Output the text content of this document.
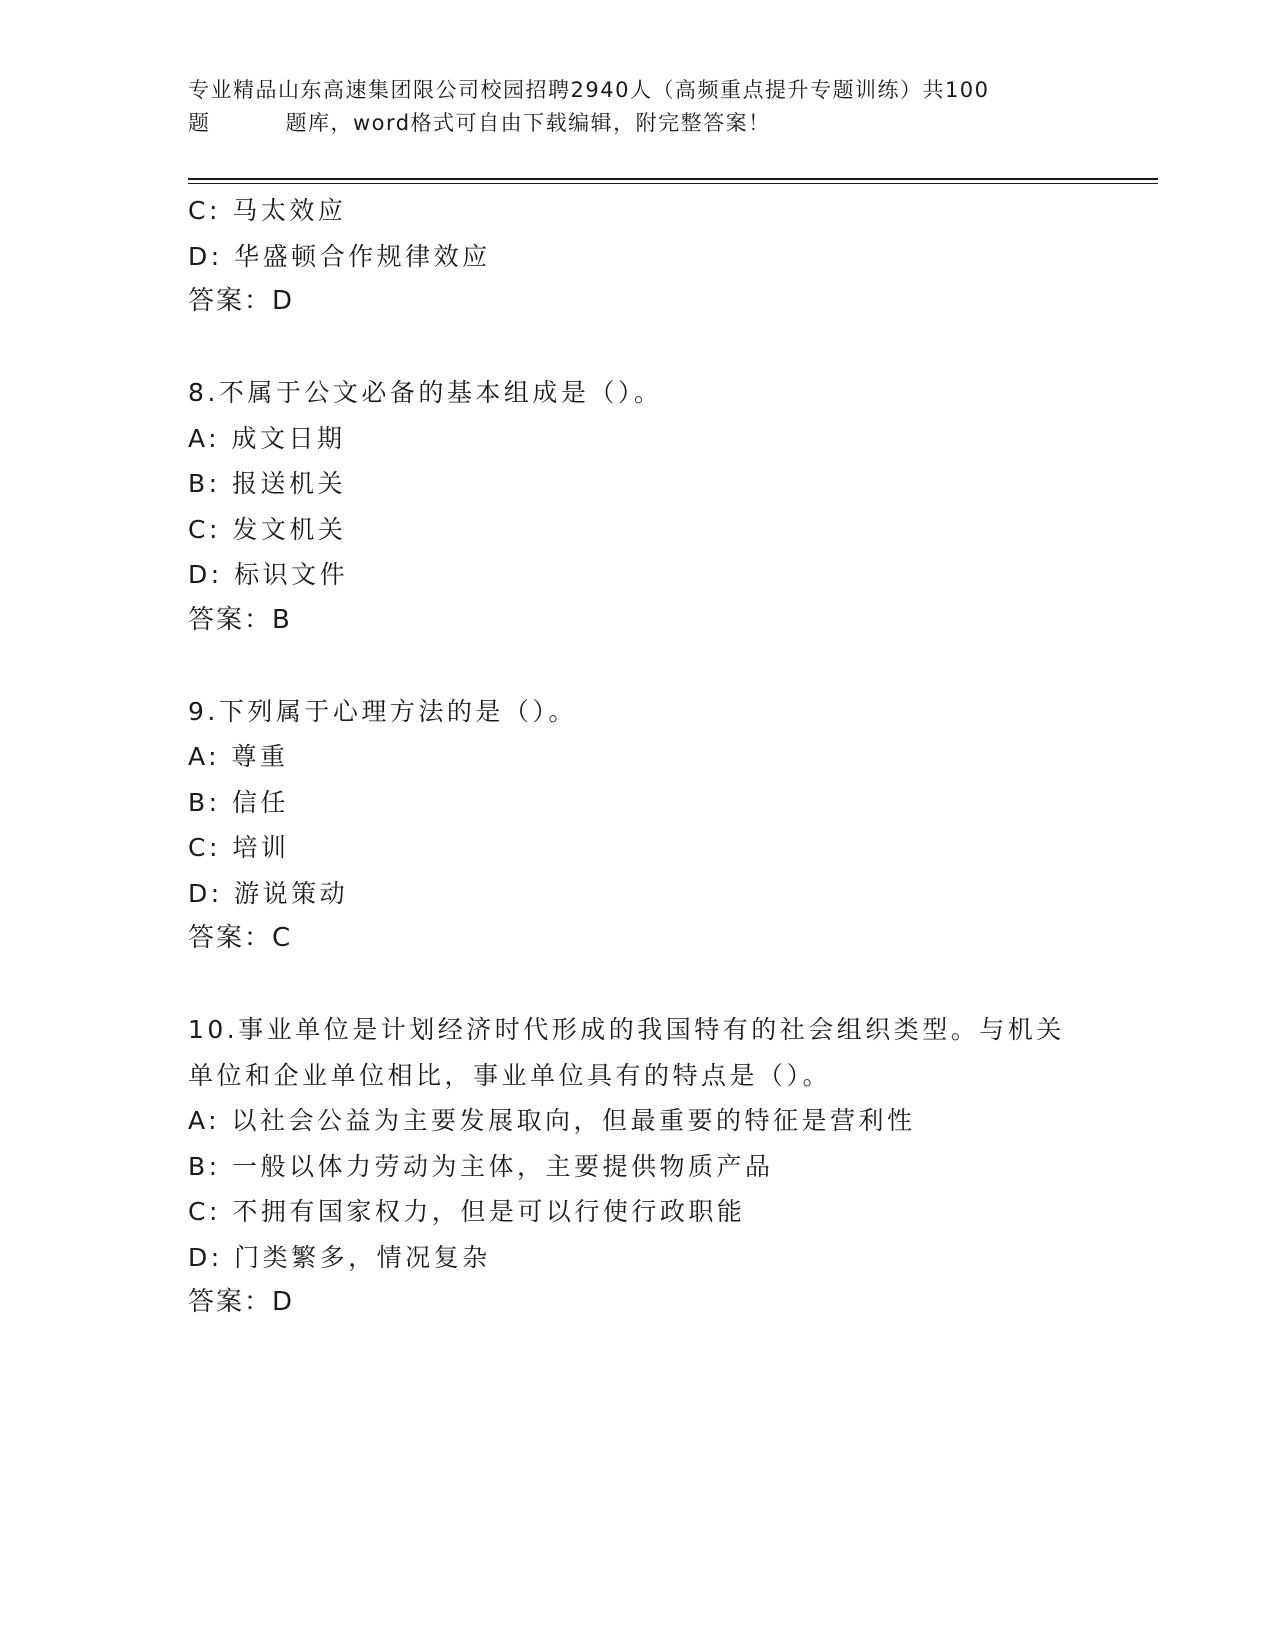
专业精品山东高速集团限公司校园招聘2940人（高频重点提升专题训练）共100
题	题库，word格式可自由下载编辑，附完整答案！
C: 马太效应
D: 华盛顿合作规律效应
答案：D
8.不属于公文必备的基本组成是（）。
A: 成文日期
B: 报送机关
C: 发文机关
D: 标识文件
答案：B
9.下列属于心理方法的是（）。
A: 尊重
B: 信任
C: 培训
D: 游说策动
答案：C
10.事业单位是计划经济时代形成的我国特有的社会组织类型。与机关
单位和企业单位相比，事业单位具有的特点是（）。
A: 以社会公益为主要发展取向，但最重要的特征是营利性
B: 一般以体力劳动为主体，主要提供物质产品
C: 不拥有国家权力，但是可以行使行政职能
D: 门类繁多，情况复杂
答案：D
